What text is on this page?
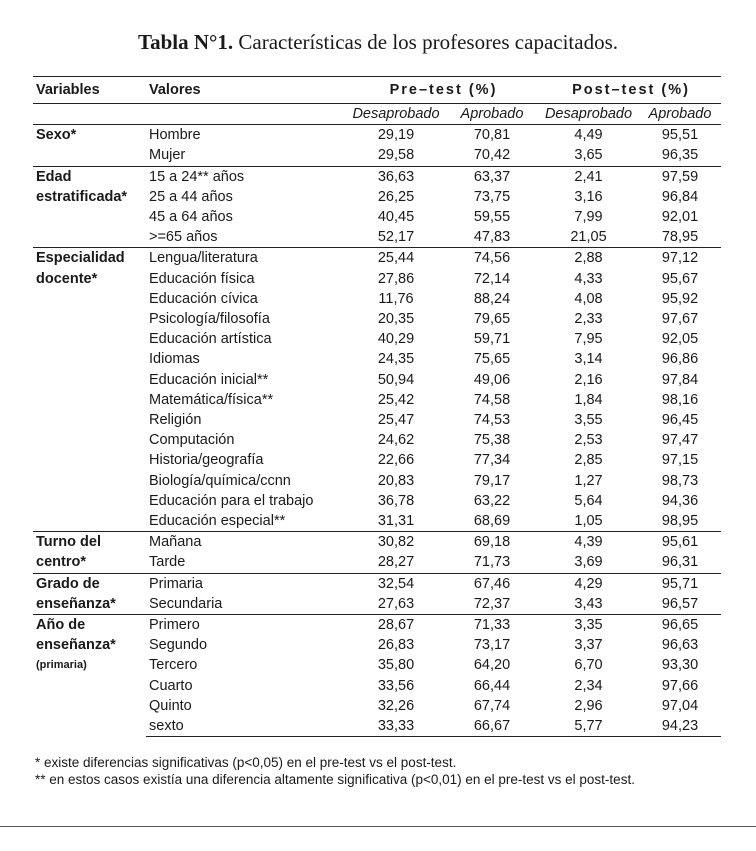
Tabla N°1. Características de los profesores capacitados.
Variables	Valores	Pre–test (%)		Post–test (%)	
		Desaprobado	Aprobado	Desaprobado	Aprobado

Sexo*	Hombre	29,19	70,81	4,49	95,51
	Mujer	29,58	70,42	3,65	96,35

Edad estratificada*	15 a 24** años	36,63	63,37	2,41	97,59
	25 a 44 años	26,25	73,75	3,16	96,84
	45 a 64 años	40,45	59,55	7,99	92,01
	>=65 años	52,17	47,83	21,05	78,95

Especialidad docente*	Lengua/literatura	25,44	74,56	2,88	97,12
	Educación física	27,86	72,14	4,33	95,67
	Educación cívica	11,76	88,24	4,08	95,92
	Psicología/filosofía	20,35	79,65	2,33	97,67
	Educación artística	40,29	59,71	7,95	92,05
	Idiomas	24,35	75,65	3,14	96,86
	Educación inicial**	50,94	49,06	2,16	97,84
	Matemática/física**	25,42	74,58	1,84	98,16
	Religión	25,47	74,53	3,55	96,45
	Computación	24,62	75,38	2,53	97,47
	Historia/geografía	22,66	77,34	2,85	97,15
	Biología/química/ccnn	20,83	79,17	1,27	98,73
	Educación para el trabajo	36,78	63,22	5,64	94,36
	Educación especial**	31,31	68,69	1,05	98,95

Turno del centro*	Mañana	30,82	69,18	4,39	95,61
	Tarde	28,27	71,73	3,69	96,31

Grado de enseñanza*	Primaria	32,54	67,46	4,29	95,71
	Secundaria	27,63	72,37	3,43	96,57

Año de enseñanza*
(primaria)	Primero	28,67	71,33	3,35	96,65
	Segundo	26,83	73,17	3,37	96,63
	Tercero	35,80	64,20	6,70	93,30
	Cuarto	33,56	66,44	2,34	97,66
	Quinto	32,26	67,74	2,96	97,04
	sexto	33,33	66,67	5,77	94,23

* existe diferencias significativas (p<0,05) en el pre-test vs el post-test.

** en estos casos existía una diferencia altamente significativa (p<0,01) en el pre-test vs el post-test.
